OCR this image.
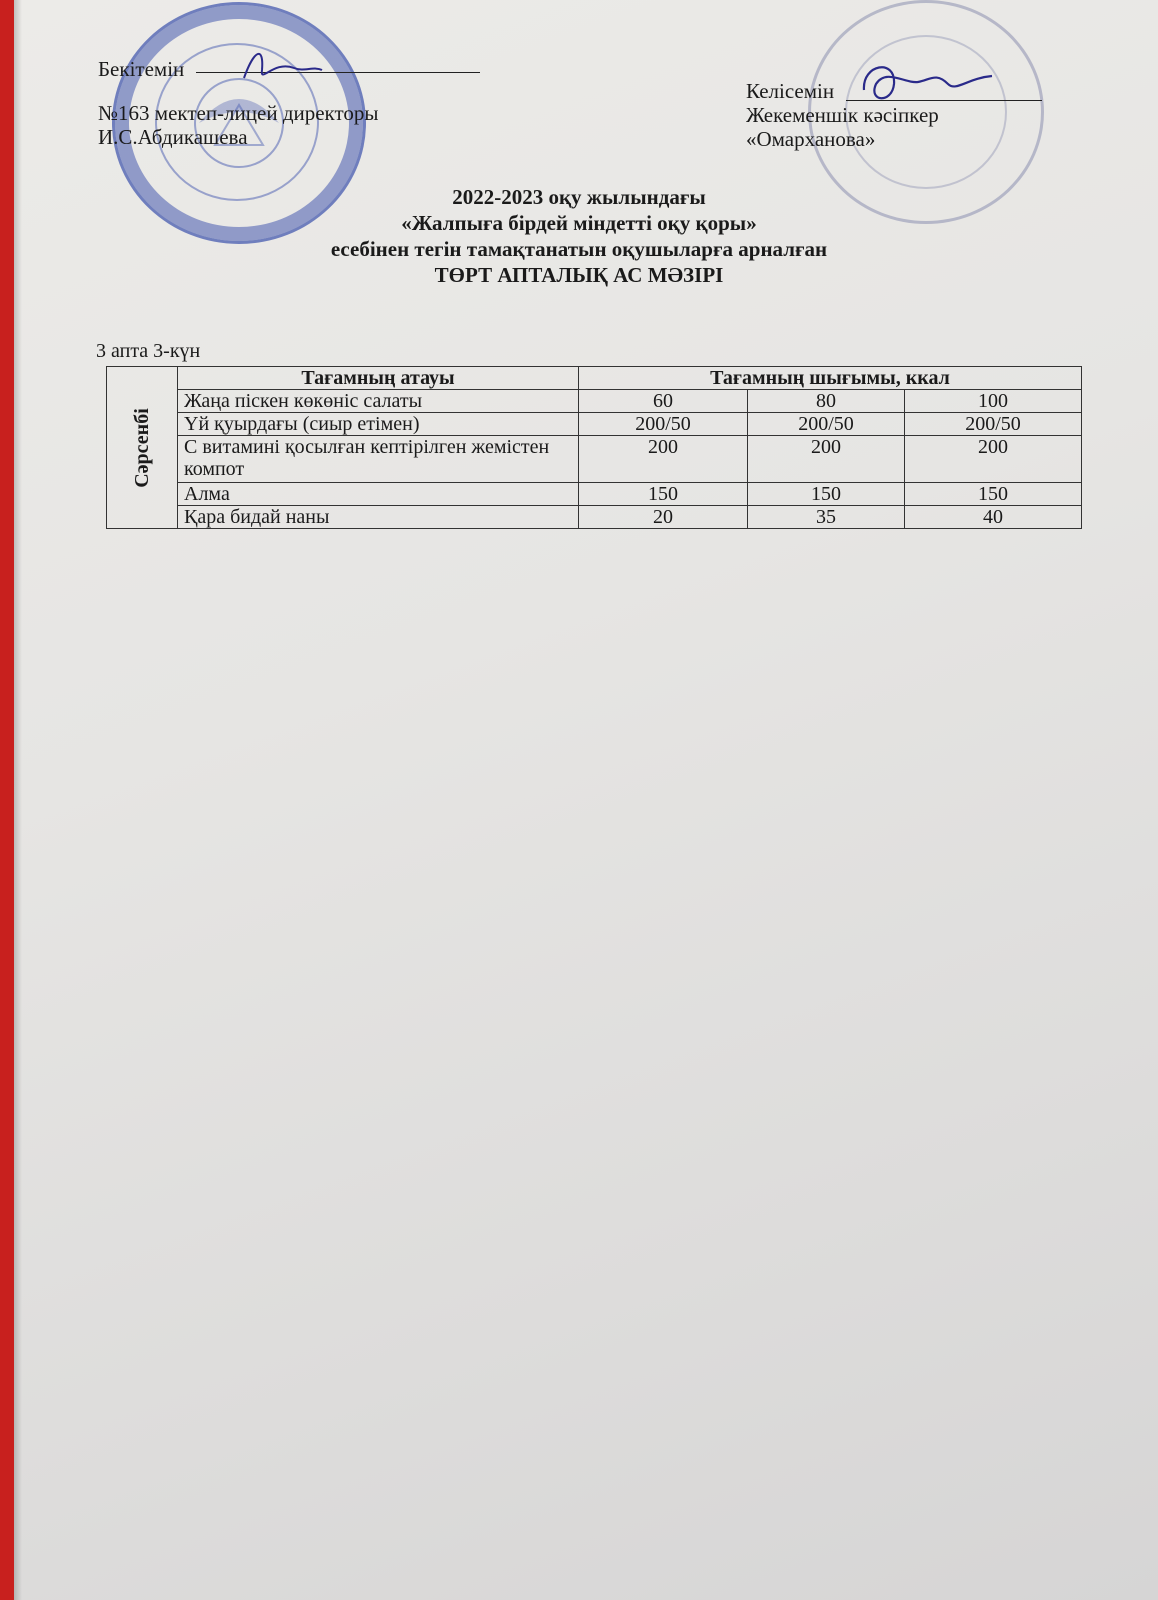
Бекітемін
№163 мектеп-лицей директоры
И.С.Абдикашева
Келісемін
Жекеменшік кәсіпкер
«Омарханова»
2022-2023 оқу жылындағы
«Жалпыға бірдей міндетті оқу қоры»
есебінен тегін тамақтанатын оқушыларға арналған
ТӨРТ АПТАЛЫҚ АС МӘЗІРІ
3 апта 3-күн
Сәрсенбі	Тағамның атауы	Тағамның шығымы, ккал		
	Жаңа піскен көкөніс салаты	60	80	100
	Үй қуырдағы (сиыр етімен)	200/50	200/50	200/50
	С витамині қосылған кептірілген жемістен компот	200	200	200
	Алма	150	150	150
	Қара бидай наны	20	35	40
